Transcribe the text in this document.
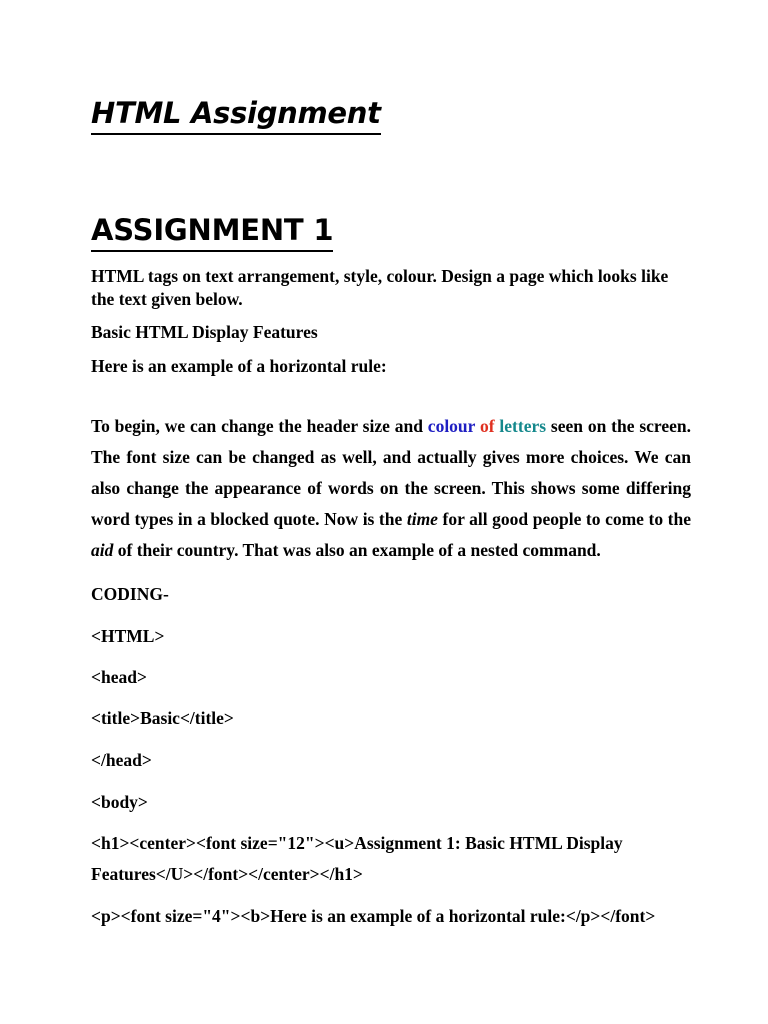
HTML Assignment
ASSIGNMENT 1
HTML tags on text arrangement, style, colour. Design a page which looks like
the text given below.
Basic HTML Display Features
Here is an example of a horizontal rule:
To begin, we can change the header size and colour of letters seen on the screen. The font size can be changed as well, and actually gives more choices. We can also change the appearance of words on the screen. This shows some differing word types in a blocked quote. Now is the time for all good people to come to the aid of their country. That was also an example of a nested command.
CODING-
<HTML>
<head>
<title>Basic</title>
</head>
<body>
<h1><center><font size="12"><u>Assignment 1: Basic HTML Display
Features</U></font></center></h1>
<p><font size="4"><b>Here is an example of a horizontal rule:</p></font>
